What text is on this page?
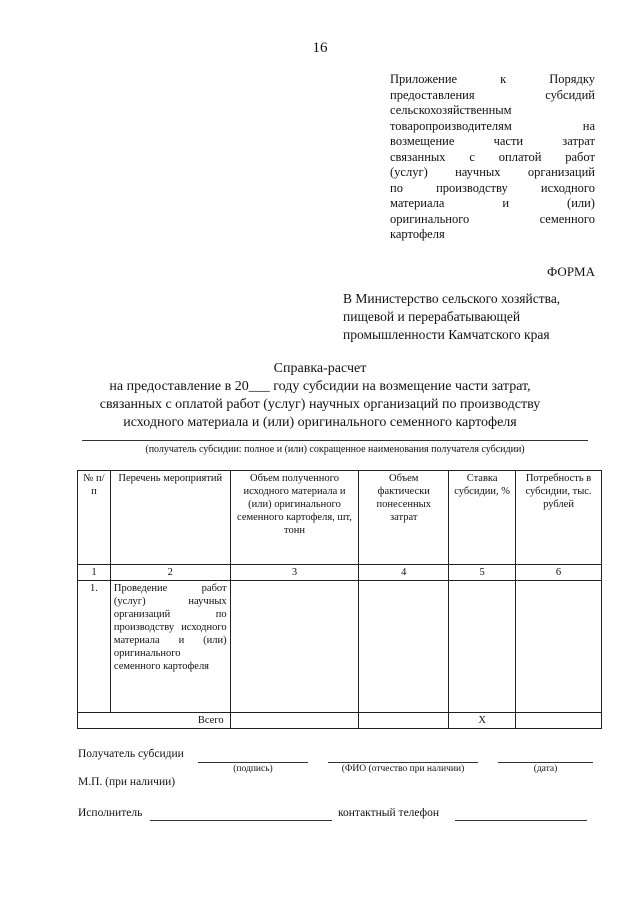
16
Приложение	к	Порядку
предоставления	субсидий
сельскохозяйственным
товаропроизводителям	на
возмещение	части	затрат
связанных с оплатой работ
(услуг) научных организаций
по	производству	исходного
материала	и	(или)
оригинального	семенного
картофеля
ФОРМА
В Министерство сельского хозяйства,
пищевой и перерабатывающей
промышленности Камчатского края
Справка-расчет
на предоставление в 20___ году субсидии на возмещение части затрат,
связанных с оплатой работ (услуг) научных организаций по производству
исходного материала и (или) оригинального семенного картофеля
(получатель субсидии: полное и (или) сокращенное наименования получателя субсидии)
№ п/п	Перечень мероприятий	Объем полученного исходного материала и (или) оригинального семенного картофеля, шт, тонн	Объем фактически понесенных затрат	Ставка субсидии, %	Потребность в субсидии, тыс. рублей
1	2	3	4	5	6
1.	Проведение работ (услуг) научных организаций по производству исходного материала и (или) оригинального семенного картофеля				
Всего				Х	
Получатель субсидии
(подпись)	(ФИО (отчество при наличии)	(дата)
М.П. (при наличии)
Исполнитель	контактный телефон
